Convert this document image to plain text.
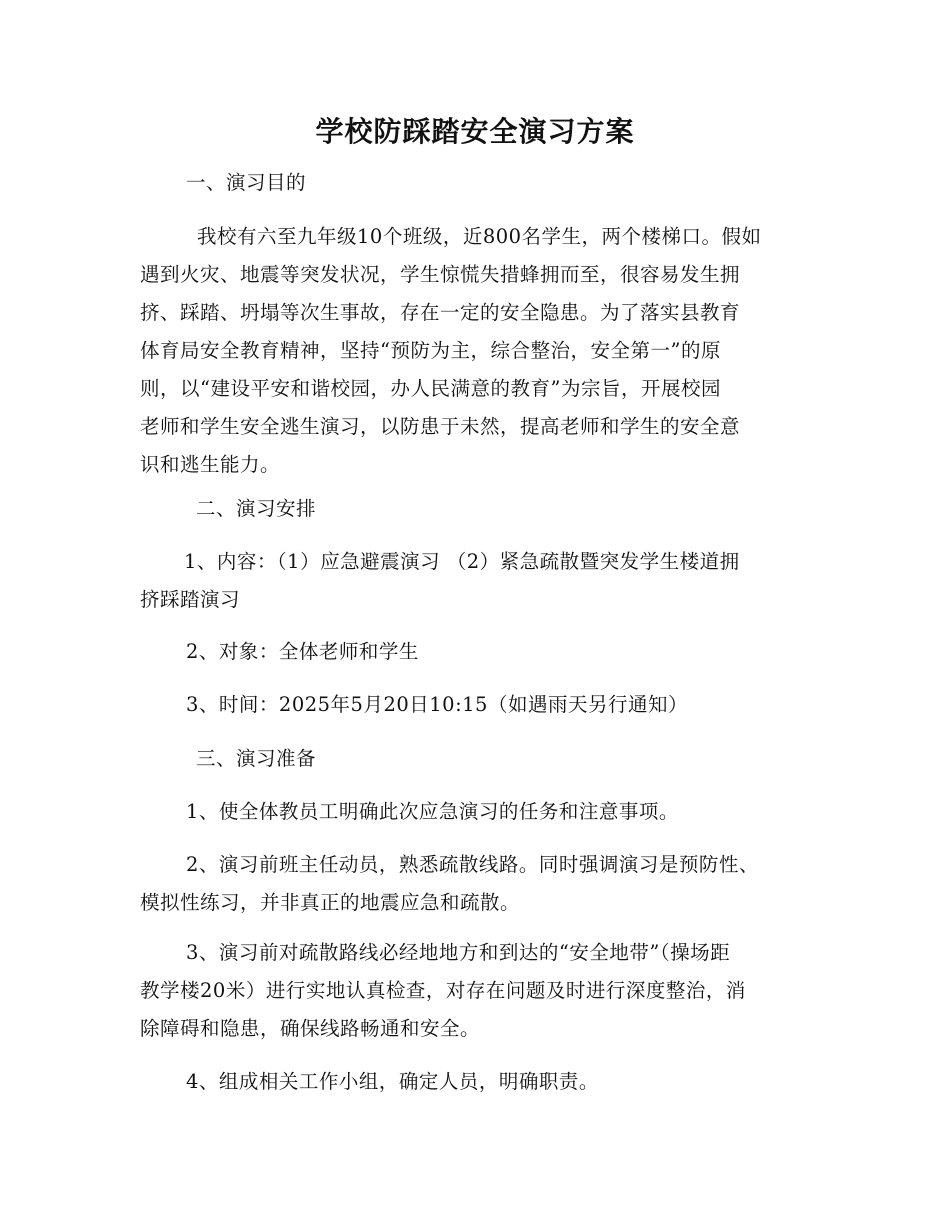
学校防踩踏安全演习方案

一、演习目的

我校有六至九年级10个班级，近800名学生，两个楼梯口。假如
遇到火灾、地震等突发状况，学生惊慌失措蜂拥而至，很容易发生拥
挤、踩踏、坍塌等次生事故，存在一定的安全隐患。为了落实县教育
体育局安全教育精神，坚持“预防为主，综合整治，安全第一”的原
则，以“建设平安和谐校园，办人民满意的教育”为宗旨，开展校园
老师和学生安全逃生演习，以防患于未然，提高老师和学生的安全意
识和逃生能力。

二、演习安排

1、内容：（1）应急避震演习 （2）紧急疏散暨突发学生楼道拥
挤踩踏演习

2、对象：全体老师和学生

3、时间：2025年5月20日10:15（如遇雨天另行通知）

三、演习准备

1、使全体教员工明确此次应急演习的任务和注意事项。

2、演习前班主任动员，熟悉疏散线路。同时强调演习是预防性、
模拟性练习，并非真正的地震应急和疏散。
3、演习前对疏散路线必经地地方和到达的“安全地带”（操场距
教学楼20米）进行实地认真检查，对存在问题及时进行深度整治，消
除障碍和隐患，确保线路畅通和安全。

4、组成相关工作小组，确定人员，明确职责。
